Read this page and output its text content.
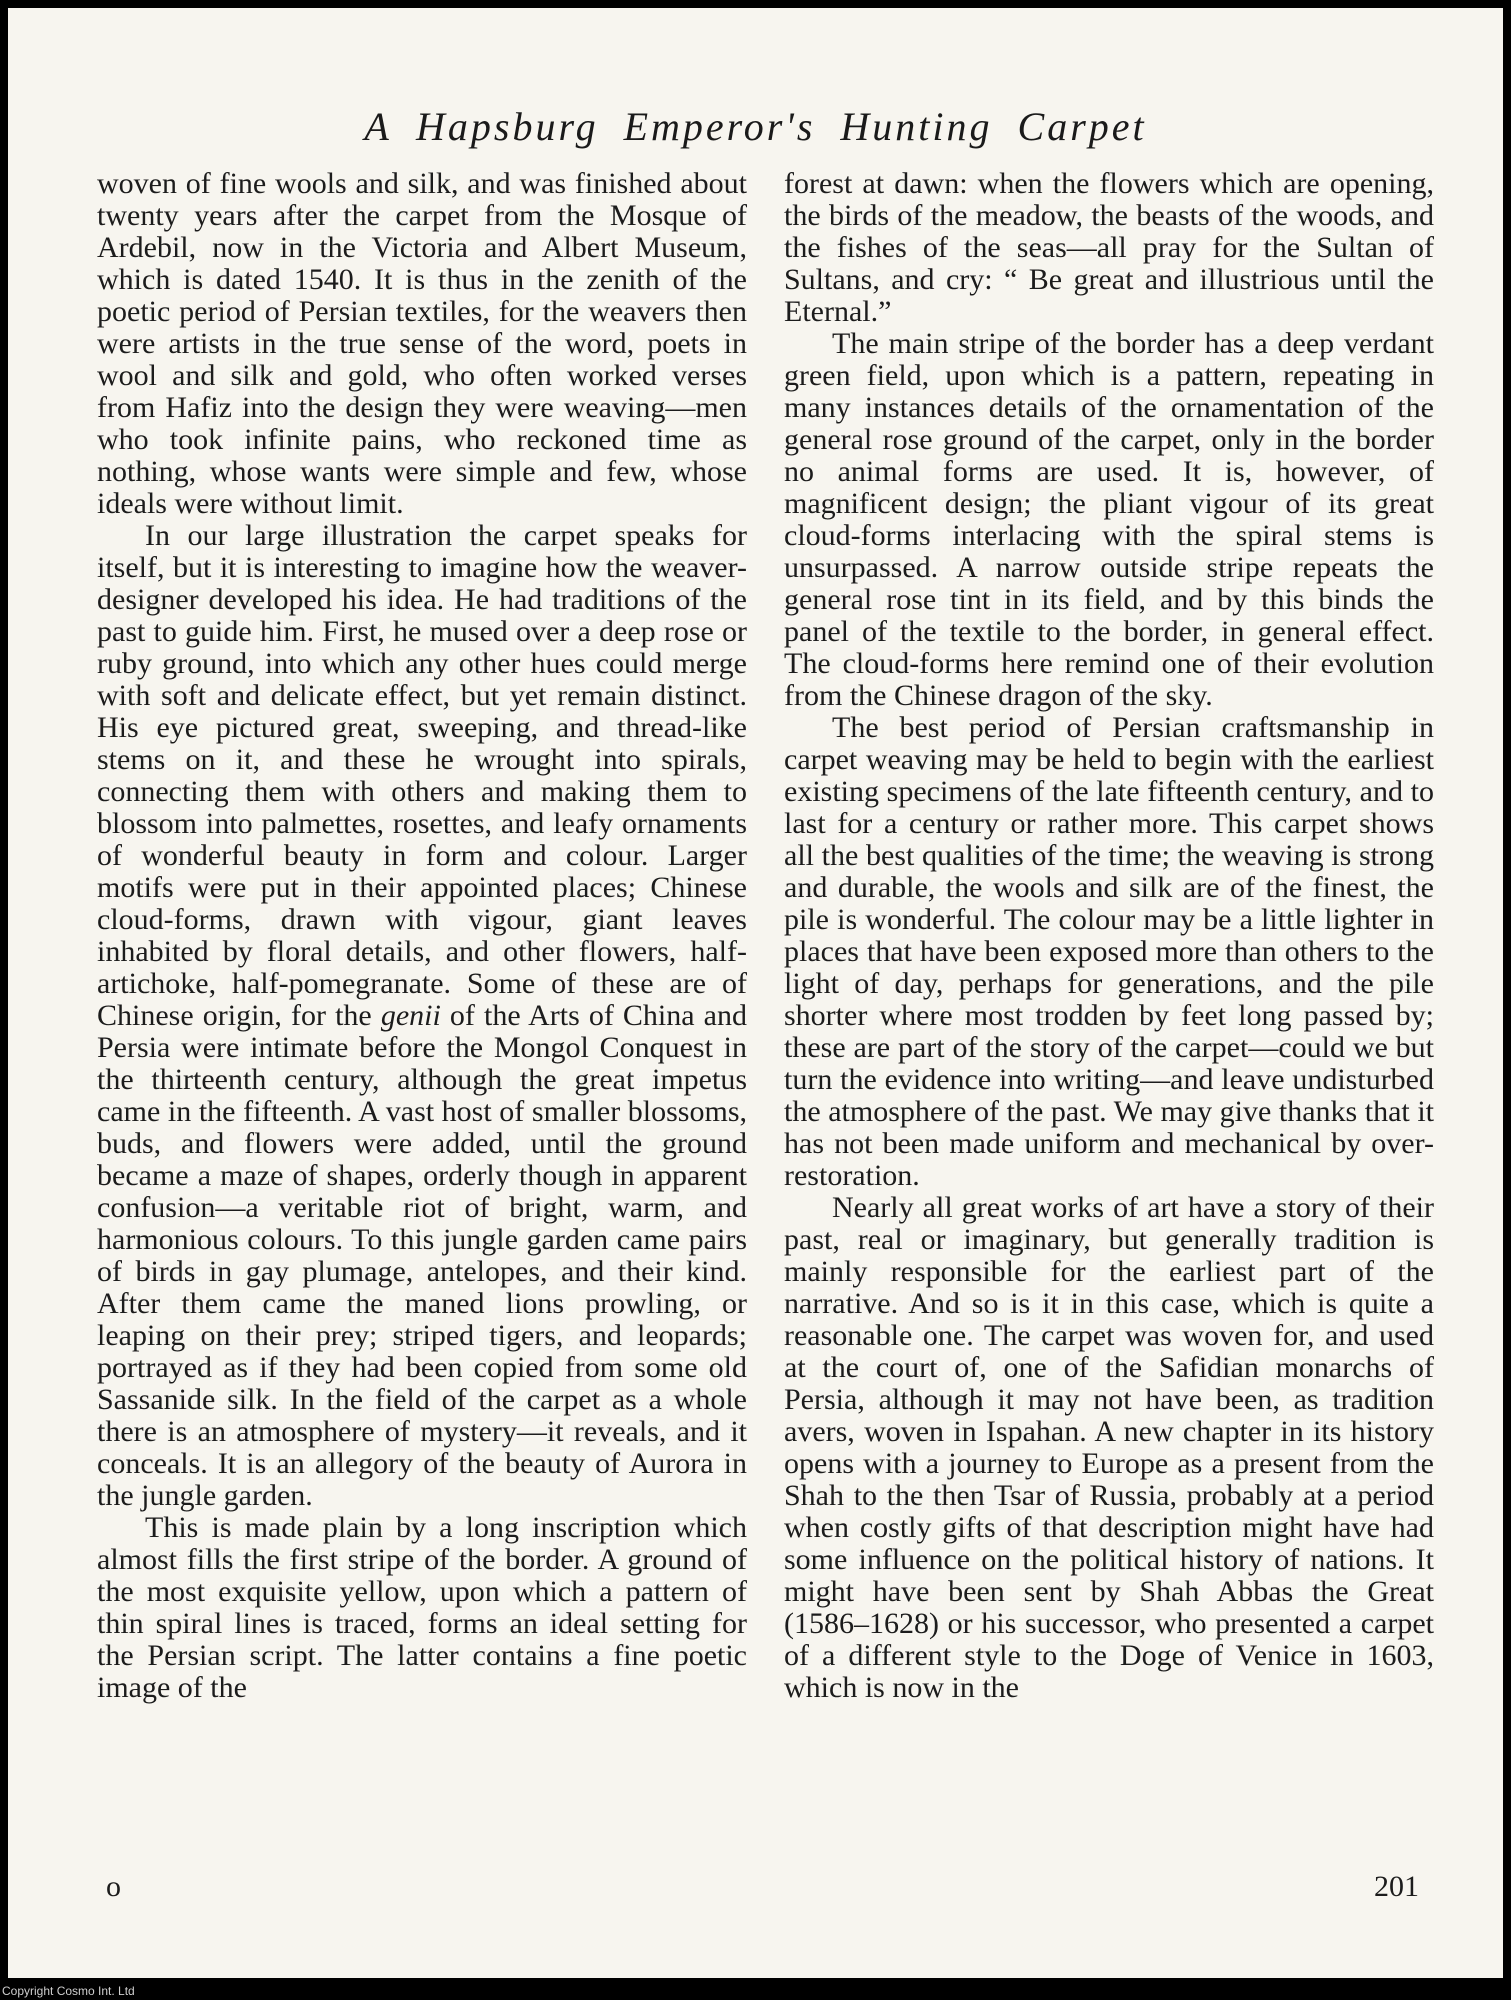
A Hapsburg Emperor's Hunting Carpet

woven of fine wools and silk, and was finished about twenty years after the carpet from the Mosque of Ardebil, now in the Victoria and Albert Museum, which is dated 1540. It is thus in the zenith of the poetic period of Persian textiles, for the weavers then were artists in the true sense of the word, poets in wool and silk and gold, who often worked verses from Hafiz into the design they were weaving—men who took infinite pains, who reckoned time as nothing, whose wants were simple and few, whose ideals were without limit.

In our large illustration the carpet speaks for itself, but it is interesting to imagine how the weaver-designer developed his idea. He had traditions of the past to guide him. First, he mused over a deep rose or ruby ground, into which any other hues could merge with soft and delicate effect, but yet remain distinct. His eye pictured great, sweeping, and thread-like stems on it, and these he wrought into spirals, connecting them with others and making them to blossom into palmettes, rosettes, and leafy ornaments of wonderful beauty in form and colour. Larger motifs were put in their appointed places; Chinese cloud-forms, drawn with vigour, giant leaves inhabited by floral details, and other flowers, half-artichoke, half-pomegranate. Some of these are of Chinese origin, for the genii of the Arts of China and Persia were intimate before the Mongol Conquest in the thirteenth century, although the great impetus came in the fifteenth. A vast host of smaller blossoms, buds, and flowers were added, until the ground became a maze of shapes, orderly though in apparent confusion—a veritable riot of bright, warm, and harmonious colours. To this jungle garden came pairs of birds in gay plumage, antelopes, and their kind. After them came the maned lions prowling, or leaping on their prey; striped tigers, and leopards; portrayed as if they had been copied from some old Sassanide silk. In the field of the carpet as a whole there is an atmosphere of mystery—it reveals, and it conceals. It is an allegory of the beauty of Aurora in the jungle garden.

This is made plain by a long inscription which almost fills the first stripe of the border. A ground of the most exquisite yellow, upon which a pattern of thin spiral lines is traced, forms an ideal setting for the Persian script. The latter contains a fine poetic image of the

forest at dawn: when the flowers which are opening, the birds of the meadow, the beasts of the woods, and the fishes of the seas—all pray for the Sultan of Sultans, and cry: “ Be great and illustrious until the Eternal.”

The main stripe of the border has a deep verdant green field, upon which is a pattern, repeating in many instances details of the ornamentation of the general rose ground of the carpet, only in the border no animal forms are used. It is, however, of magnificent design; the pliant vigour of its great cloud-forms interlacing with the spiral stems is unsurpassed. A narrow outside stripe repeats the general rose tint in its field, and by this binds the panel of the textile to the border, in general effect. The cloud-forms here remind one of their evolution from the Chinese dragon of the sky.

The best period of Persian craftsmanship in carpet weaving may be held to begin with the earliest existing specimens of the late fifteenth century, and to last for a century or rather more. This carpet shows all the best qualities of the time; the weaving is strong and durable, the wools and silk are of the finest, the pile is wonderful. The colour may be a little lighter in places that have been exposed more than others to the light of day, perhaps for generations, and the pile shorter where most trodden by feet long passed by; these are part of the story of the carpet—could we but turn the evidence into writing—and leave undisturbed the atmosphere of the past. We may give thanks that it has not been made uniform and mechanical by over-restoration.

Nearly all great works of art have a story of their past, real or imaginary, but generally tradition is mainly responsible for the earliest part of the narrative. And so is it in this case, which is quite a reasonable one. The carpet was woven for, and used at the court of, one of the Safidian monarchs of Persia, although it may not have been, as tradition avers, woven in Ispahan. A new chapter in its history opens with a journey to Europe as a present from the Shah to the then Tsar of Russia, probably at a period when costly gifts of that description might have had some influence on the political history of nations. It might have been sent by Shah Abbas the Great (1586–1628) or his successor, who presented a carpet of a different style to the Doge of Venice in 1603, which is now in the

o	201
Copyright Cosmo Int. Ltd
